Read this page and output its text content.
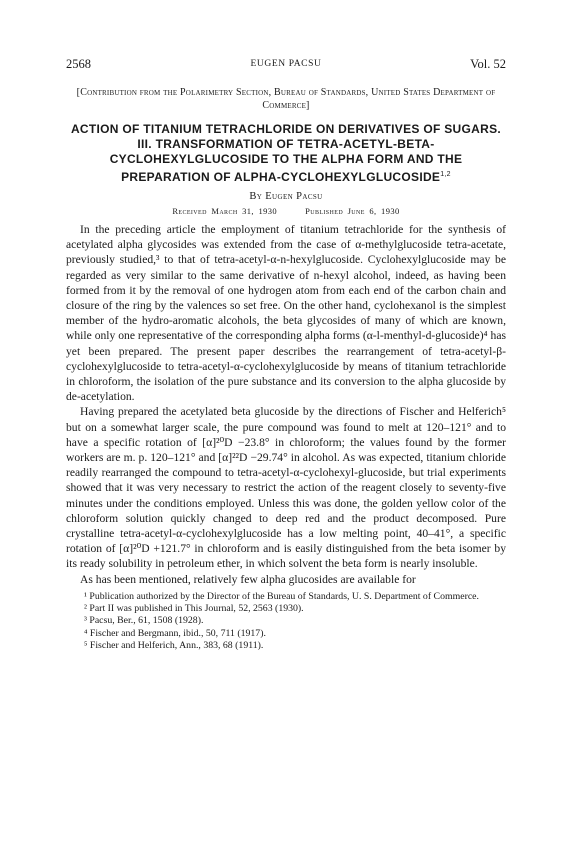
2568	EUGEN PACSU	Vol. 52
[Contribution from the Polarimetry Section, Bureau of Standards, United States Department of Commerce]
ACTION OF TITANIUM TETRACHLORIDE ON DERIVATIVES OF SUGARS. III. TRANSFORMATION OF TETRA-ACETYL-BETA-CYCLOHEXYLGLUCOSIDE TO THE ALPHA FORM AND THE PREPARATION OF ALPHA-CYCLOHEXYLGLUCOSIDE$^{1,2}$
By Eugen Pacsu
Received March 31, 1930	Published June 6, 1930

In the preceding article the employment of titanium tetrachloride for the synthesis of acetylated alpha glycosides was extended from the case of α-methylglucoside tetra-acetate, previously studied,³ to that of tetra-acetyl-α-n-hexylglucoside. Cyclohexylglucoside may be regarded as very similar to the same derivative of n-hexyl alcohol, indeed, as having been formed from it by the removal of one hydrogen atom from each end of the carbon chain and closure of the ring by the valences so set free. On the other hand, cyclohexanol is the simplest member of the hydro-aromatic alcohols, the beta glycosides of many of which are known, while only one representative of the corresponding alpha forms (α-l-menthyl-d-glucoside)⁴ has yet been prepared. The present paper describes the rearrangement of tetra-acetyl-β-cyclohexylglucoside to tetra-acetyl-α-cyclohexylglucoside by means of titanium tetrachloride in chloroform, the isolation of the pure substance and its conversion to the alpha glucoside by de-acetylation.

Having prepared the acetylated beta glucoside by the directions of Fischer and Helferich⁵ but on a somewhat larger scale, the pure compound was found to melt at 120–121° and to have a specific rotation of [α]²⁰D −23.8° in chloroform; the values found by the former workers are m. p. 120–121° and [α]²²D −29.74° in alcohol. As was expected, titanium chloride readily rearranged the compound to tetra-acetyl-α-cyclohexyl-glucoside, but trial experiments showed that it was very necessary to restrict the action of the reagent closely to seventy-five minutes under the conditions employed. Unless this was done, the golden yellow color of the chloroform solution quickly changed to deep red and the product decomposed. Pure crystalline tetra-acetyl-α-cyclohexylglucoside has a low melting point, 40–41°, a specific rotation of [α]²⁰D +121.7° in chloroform and is easily distinguished from the beta isomer by its ready solubility in petroleum ether, in which solvent the beta form is nearly insoluble.

As has been mentioned, relatively few alpha glucosides are available for

¹ Publication authorized by the Director of the Bureau of Standards, U. S. Department of Commerce.
² Part II was published in This Journal, 52, 2563 (1930).
³ Pacsu, Ber., 61, 1508 (1928).
⁴ Fischer and Bergmann, ibid., 50, 711 (1917).
⁵ Fischer and Helferich, Ann., 383, 68 (1911).
